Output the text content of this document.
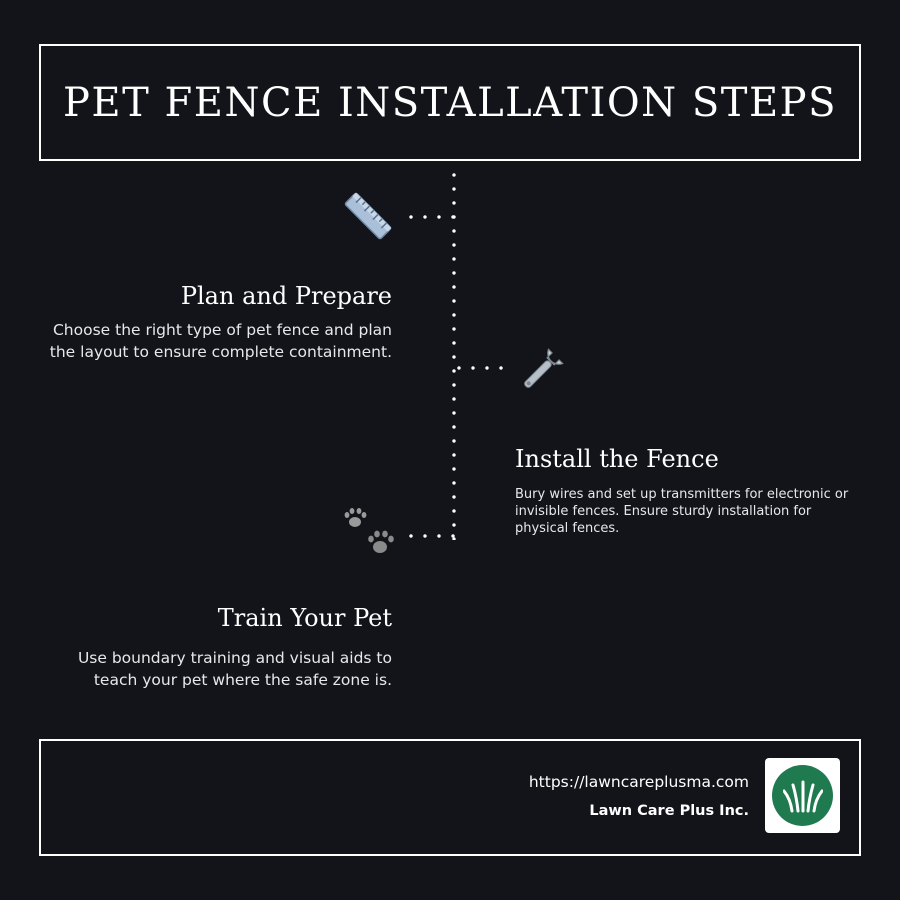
PET FENCE INSTALLATION STEPS
Plan and Prepare
Choose the right type of pet fence and plan the layout to ensure complete containment.
Install the Fence
Bury wires and set up transmitters for electronic or invisible fences. Ensure sturdy installation for physical fences.
Train Your Pet
Use boundary training and visual aids to teach your pet where the safe zone is.
https://lawncareplusma.com
Lawn Care Plus Inc.
